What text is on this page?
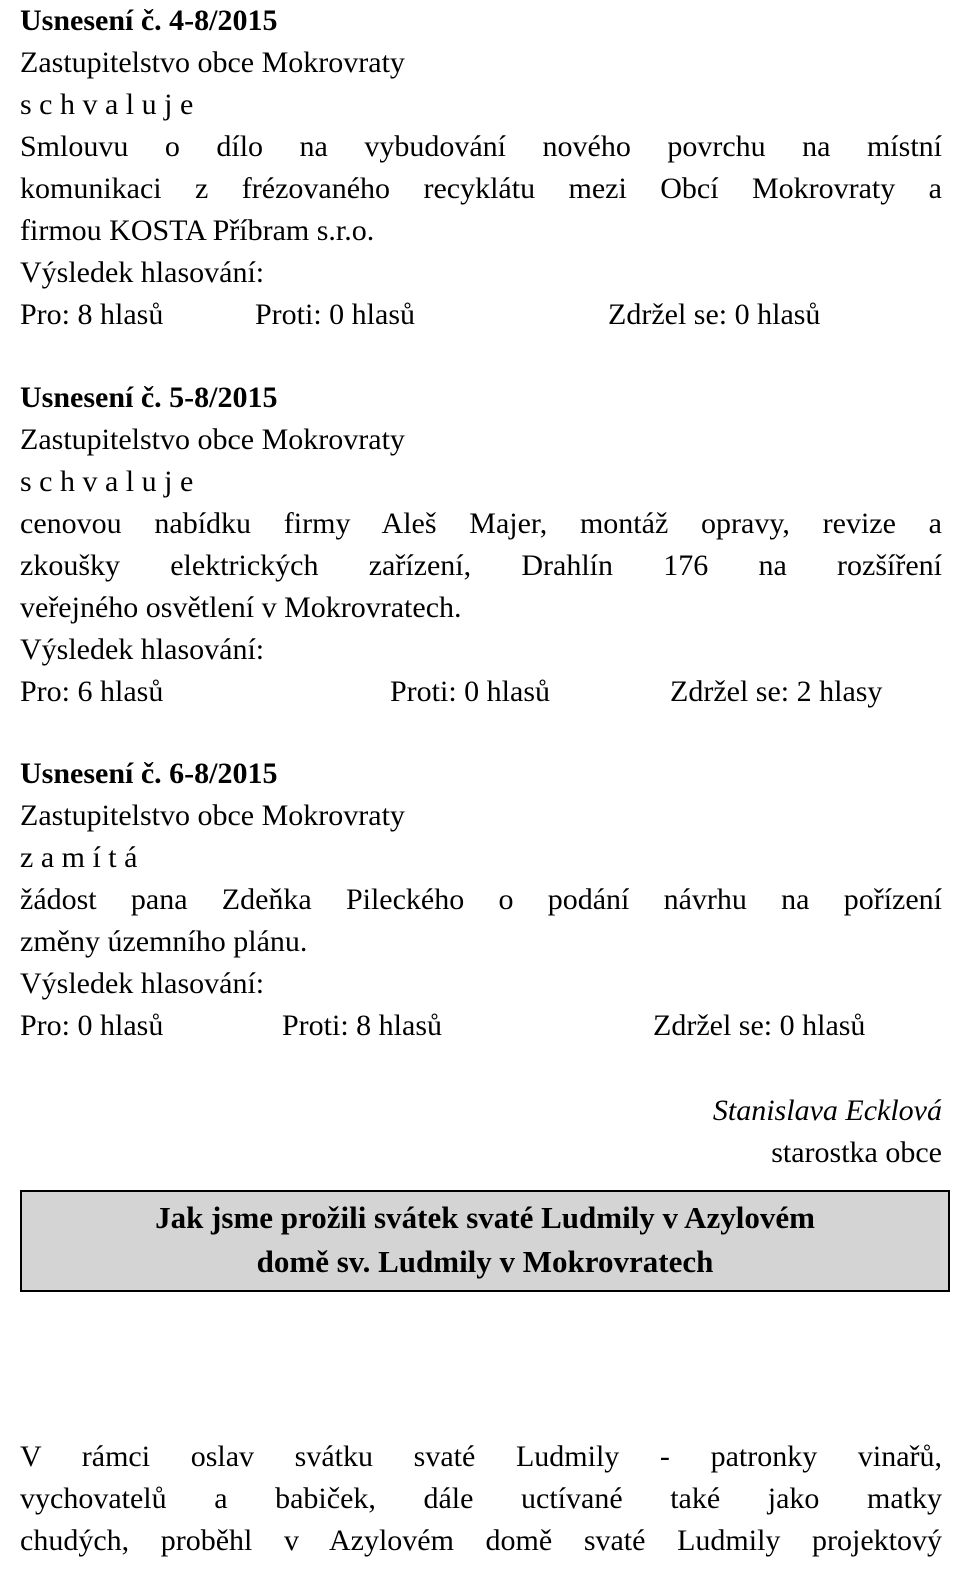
Usnesení č. 4-8/2015

Zastupitelstvo obce Mokrovraty

s c h v a l u j e

Smlouvu o dílo na vybudování nového povrchu na místní

komunikaci z frézovaného recyklátu mezi Obcí Mokrovraty a

firmou KOSTA Příbram s.r.o.

Výsledek hlasování:

Pro: 8 hlasů	Proti: 0 hlasů	Zdržel se: 0 hlasů

Usnesení č. 5-8/2015

Zastupitelstvo obce Mokrovraty

s c h v a l u j e

cenovou nabídku firmy Aleš Majer, montáž opravy, revize a

zkoušky elektrických zařízení, Drahlín 176 na rozšíření

veřejného osvětlení v Mokrovratech.

Výsledek hlasování:

Pro: 6 hlasů	Proti: 0 hlasů	Zdržel se: 2 hlasy

Usnesení č. 6-8/2015

Zastupitelstvo obce Mokrovraty

z a m í t á

žádost pana Zdeňka Pileckého o podání návrhu na pořízení

změny územního plánu.

Výsledek hlasování:

Pro: 0 hlasů	Proti: 8 hlasů	Zdržel se: 0 hlasů
Stanislava Ecklová
starostka obce
Jak jsme prožili svátek svaté Ludmily v Azylovém
domě sv. Ludmily v Mokrovratech

V rámci oslav svátku svaté Ludmily - patronky vinařů,

vychovatelů a babiček, dále uctívané také jako matky

chudých, proběhl v Azylovém domě svaté Ludmily projektový
